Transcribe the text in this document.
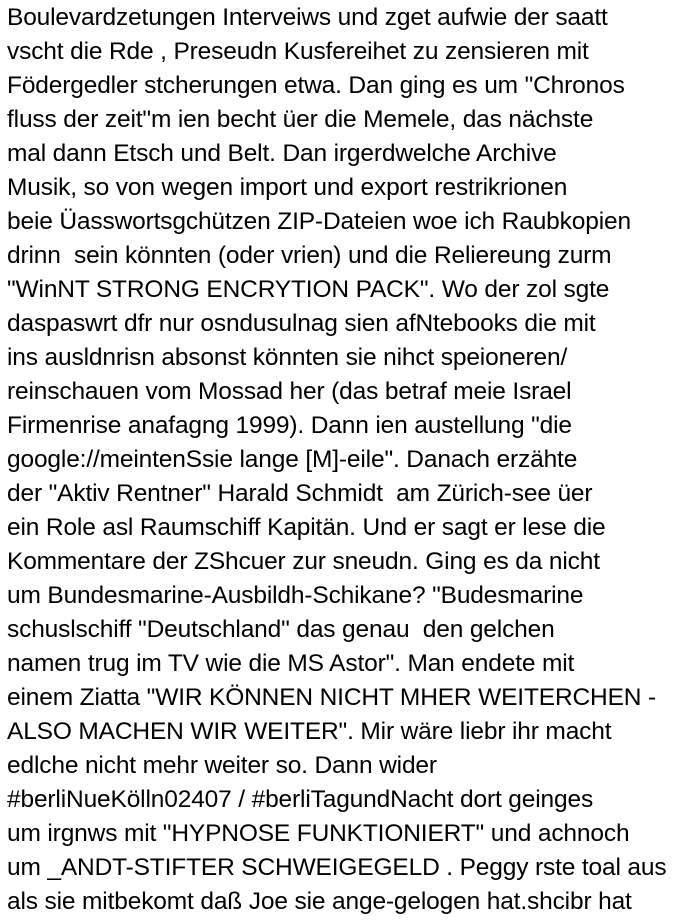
Boulevardzetungen Interveiws und zget aufwie der saatt
vscht die Rde , Preseudn Kusfereihet zu zensieren mit
Födergedler stcherungen etwa. Dan ging es um "Chronos
fluss der zeit"m ien becht üer die Memele, das nächste
mal dann Etsch und Belt. Dan irgerdwelche Archive
Musik, so von wegen import und export restrikrionen
beie Üasswortsgchützen ZIP-Dateien woe ich Raubkopien
drinn  sein könnten (oder vrien) und die Reliereung zurm
"WinNT STRONG ENCRYTION PACK". Wo der zol sgte
daspaswrt dfr nur osndusulnag sien afNtebooks die mit
ins ausldnrisn absonst könnten sie nihct speioneren/
reinschauen vom Mossad her (das betraf meie Israel
Firmenrise anafagng 1999). Dann ien austellung "die
google://meintenSsie lange [M]-eile". Danach erzähte
der "Aktiv Rentner" Harald Schmidt  am Zürich-see üer
ein Role asl Raumschiff Kapitän. Und er sagt er lese die
Kommentare der ZShcuer zur sneudn. Ging es da nicht
um Bundesmarine-Ausbildh-Schikane? "Budesmarine
schuslschiff "Deutschland" das genau  den gelchen
namen trug im TV wie die MS Astor". Man endete mit
einem Ziatta "WIR KÖNNEN NICHT MHER WEITERCHEN -
ALSO MACHEN WIR WEITER". Mir wäre liebr ihr macht
edlche nicht mehr weiter so. Dann wider
#berliNueKölln02407 / #berliTagundNacht dort geinges
um irgnws mit "HYPNOSE FUNKTIONIERT" und achnoch
um _ANDT-STIFTER SCHWEIGEGELD . Peggy rste toal aus
als sie mitbekomt daß Joe sie ange-gelogen hat.shcibr hat
